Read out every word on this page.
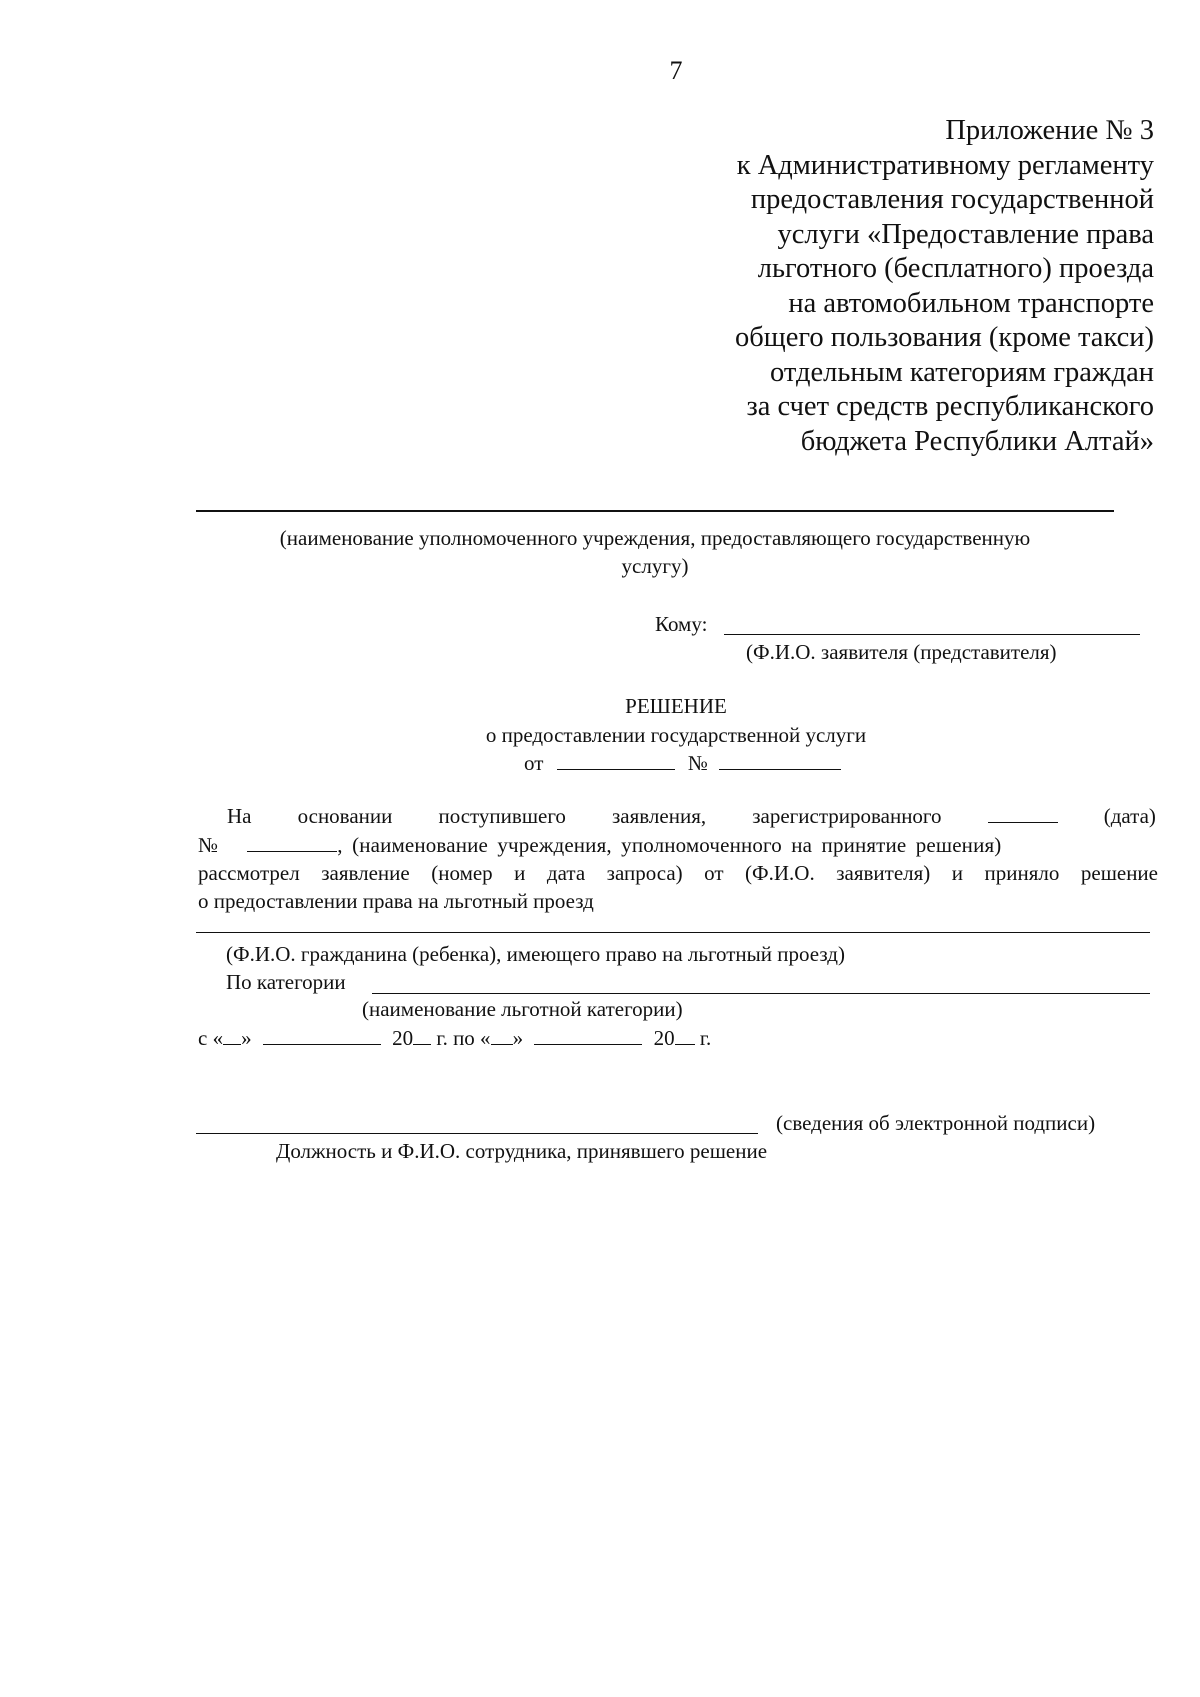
7
Приложение № 3
к Административному регламенту
предоставления государственной
услуги «Предоставление права
льготного (бесплатного) проезда
на автомобильном транспорте
общего пользования (кроме такси)
отдельным категориям граждан
за счет средств республиканского
бюджета Республики Алтай»
(наименование уполномоченного учреждения, предоставляющего государственную
услугу)
Кому:
(Ф.И.О. заявителя (представителя)
РЕШЕНИЕ
о предоставлении государственной услуги
от	№
На основании поступившего заявления, зарегистрированного	(дата)
№	, (наименование учреждения, уполномоченного на принятие решения)
рассмотрел заявление (номер и дата запроса) от (Ф.И.О. заявителя) и приняло решение
о предоставлении права на льготный проезд
(Ф.И.О. гражданина (ребенка), имеющего право на льготный проезд)
По категории
(наименование льготной категории)
с « »	20 г. по « »	20 г.
(сведения об электронной подписи)
Должность и Ф.И.О. сотрудника, принявшего решение
